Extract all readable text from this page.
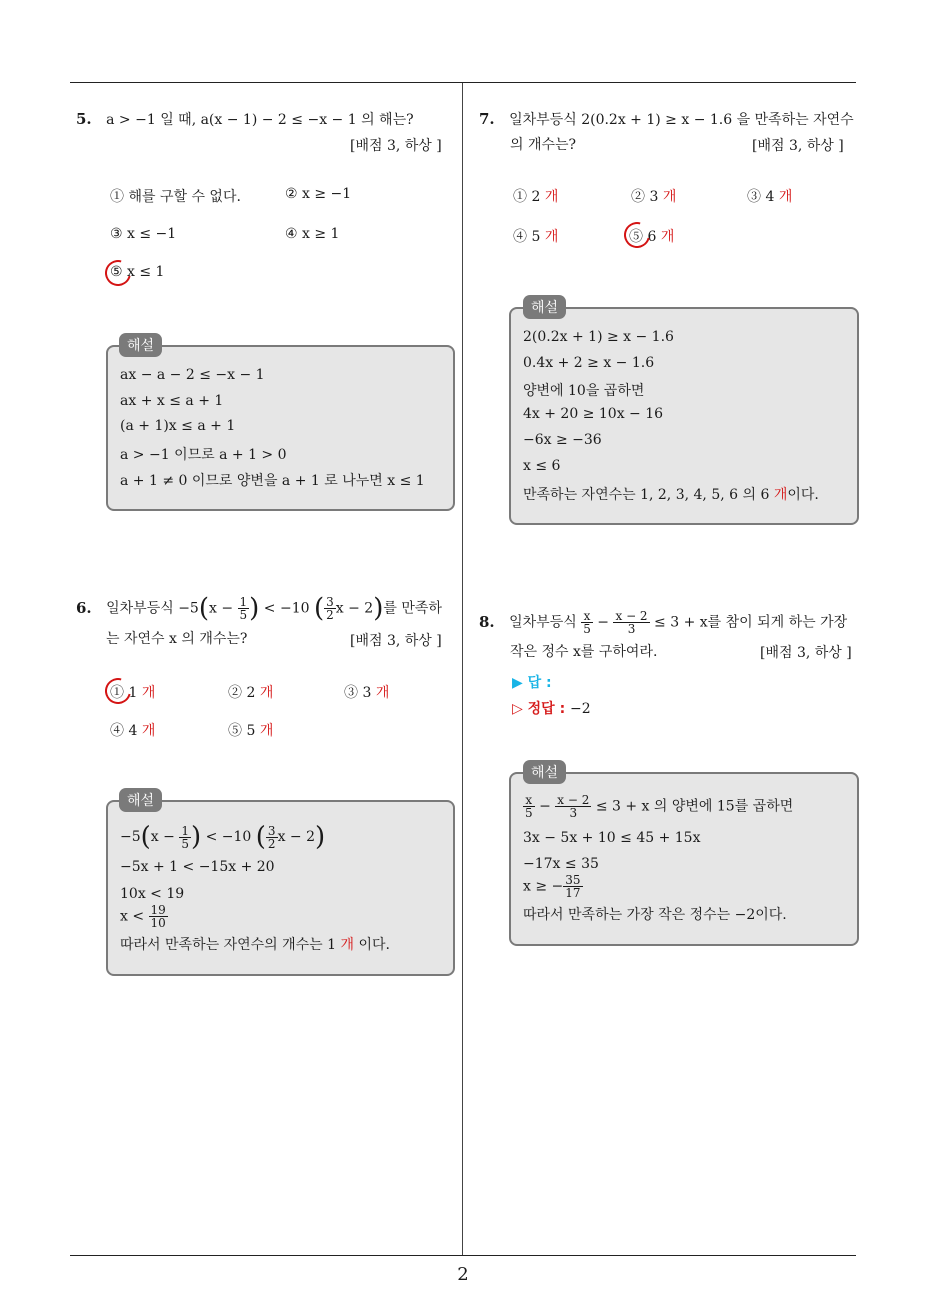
5. a > −1 일 때, a(x − 1) − 2 ≤ −x − 1 의 해는?
[배점 3, 하상 ]
① 해를 구할 수 없다.	② x ≥ −1
③ x ≤ −1	④ x ≥ 1
⑤ x ≤ 1
ax − a − 2 ≤ −x − 1
ax + x ≤ a + 1
(a + 1)x ≤ a + 1
a > −1 이므로 a + 1 > 0
a + 1 ≠ 0 이므로 양변을 a + 1 로 나누면 x ≤ 1
해설
6. 일차부등식 $-5(x - \frac{1}{5}$ ) < −10 ( $\frac{3}{2}$ x − 2)를 만족하
는 자연수 x 의 개수는?	[배점 3, 하상 ]
① 1 개	② 2 개	③ 3 개
④ 4 개	⑤ 5 개
$-5(x - \frac{1}{5}$ ) < −10 ( $\frac{3}{2}$ x − 2)
−5x + 1 < −15x + 20
10x < 19
$x < \frac{19}{10}$
따라서 만족하는 자연수의 개수는 1 개 이다.
해설
7. 일차부등식 2(0.2x + 1) ≥ x − 1.6 을 만족하는 자연수
의 개수는?	[배점 3, 하상 ]
① 2 개	② 3 개	③ 4 개
④ 5 개	⑤ 6 개
2(0.2x + 1) ≥ x − 1.6
0.4x + 2 ≥ x − 1.6
양변에 10을 곱하면
4x + 20 ≥ 10x − 16
−6x ≥ −36
x ≤ 6
만족하는 자연수는 1, 2, 3, 4, 5, 6 의 6 개이다.
해설
8. 일차부등식 $\frac{x}{5} - \frac{x - 2}{3} \le 3 + x$를 참이 되게 하는 가장
작은 정수 x를 구하여라.	[배점 3, 하상 ]
▶ 답 :
▷ 정답 : −2
$\frac{x}{5} - \frac{x - 2}{3} \le 3 + x$ 의 양변에 15를 곱하면
3x − 5x + 10 ≤ 45 + 15x
−17x ≤ 35
x ≥ − $\frac{35}{17}$
따라서 만족하는 가장 작은 정수는 −2이다.
해설
2
